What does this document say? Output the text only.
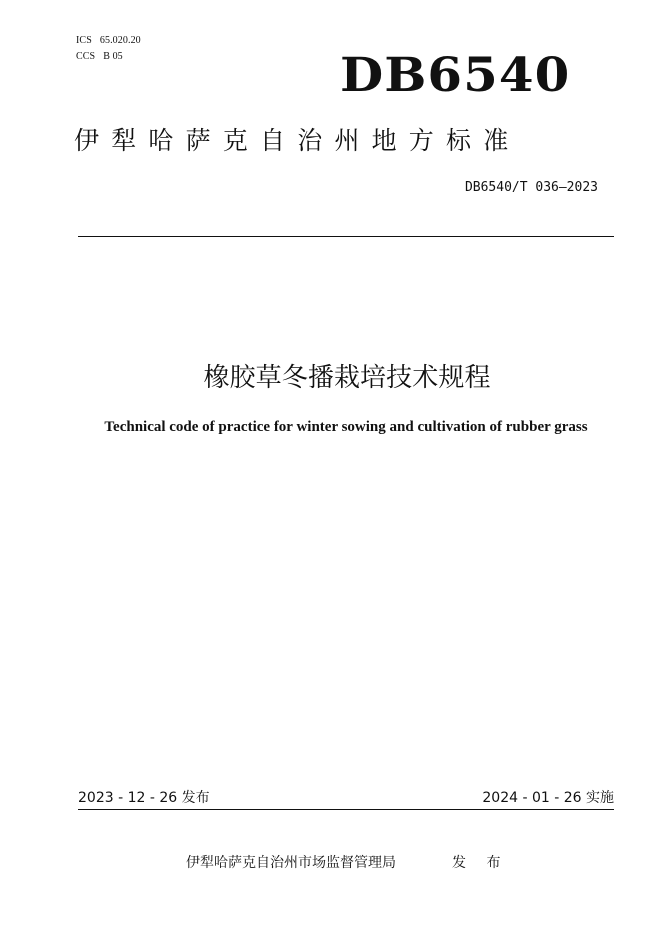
ICS 65.020.20
CCS B 05	DB6540
伊犁哈萨克自治州地方标准
DB6540/T 036—2023
橡胶草冬播栽培技术规程
Technical code of practice for winter sowing and cultivation of rubber grass
2023 - 12 - 26 发布	2024 - 01 - 26 实施
伊犁哈萨克自治州市场监督管理局	发 布
